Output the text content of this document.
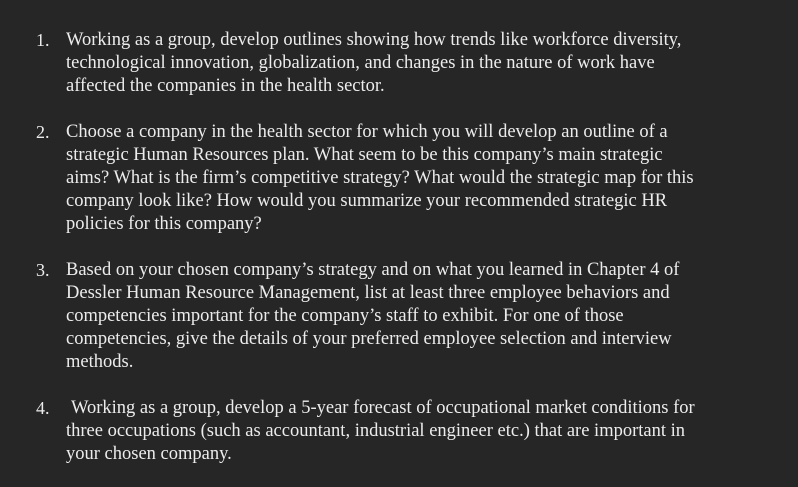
1. Working as a group, develop outlines showing how trends like workforce diversity,
technological innovation, globalization, and changes in the nature of work have
affected the companies in the health sector.
2. Choose a company in the health sector for which you will develop an outline of a
strategic Human Resources plan. What seem to be this company’s main strategic
aims? What is the firm’s competitive strategy? What would the strategic map for this
company look like? How would you summarize your recommended strategic HR
policies for this company?
3. Based on your chosen company’s strategy and on what you learned in Chapter 4 of
Dessler Human Resource Management, list at least three employee behaviors and
competencies important for the company’s staff to exhibit. For one of those
competencies, give the details of your preferred employee selection and interview
methods.
4. Working as a group, develop a 5-year forecast of occupational market conditions for
three occupations (such as accountant, industrial engineer etc.) that are important in
your chosen company.
